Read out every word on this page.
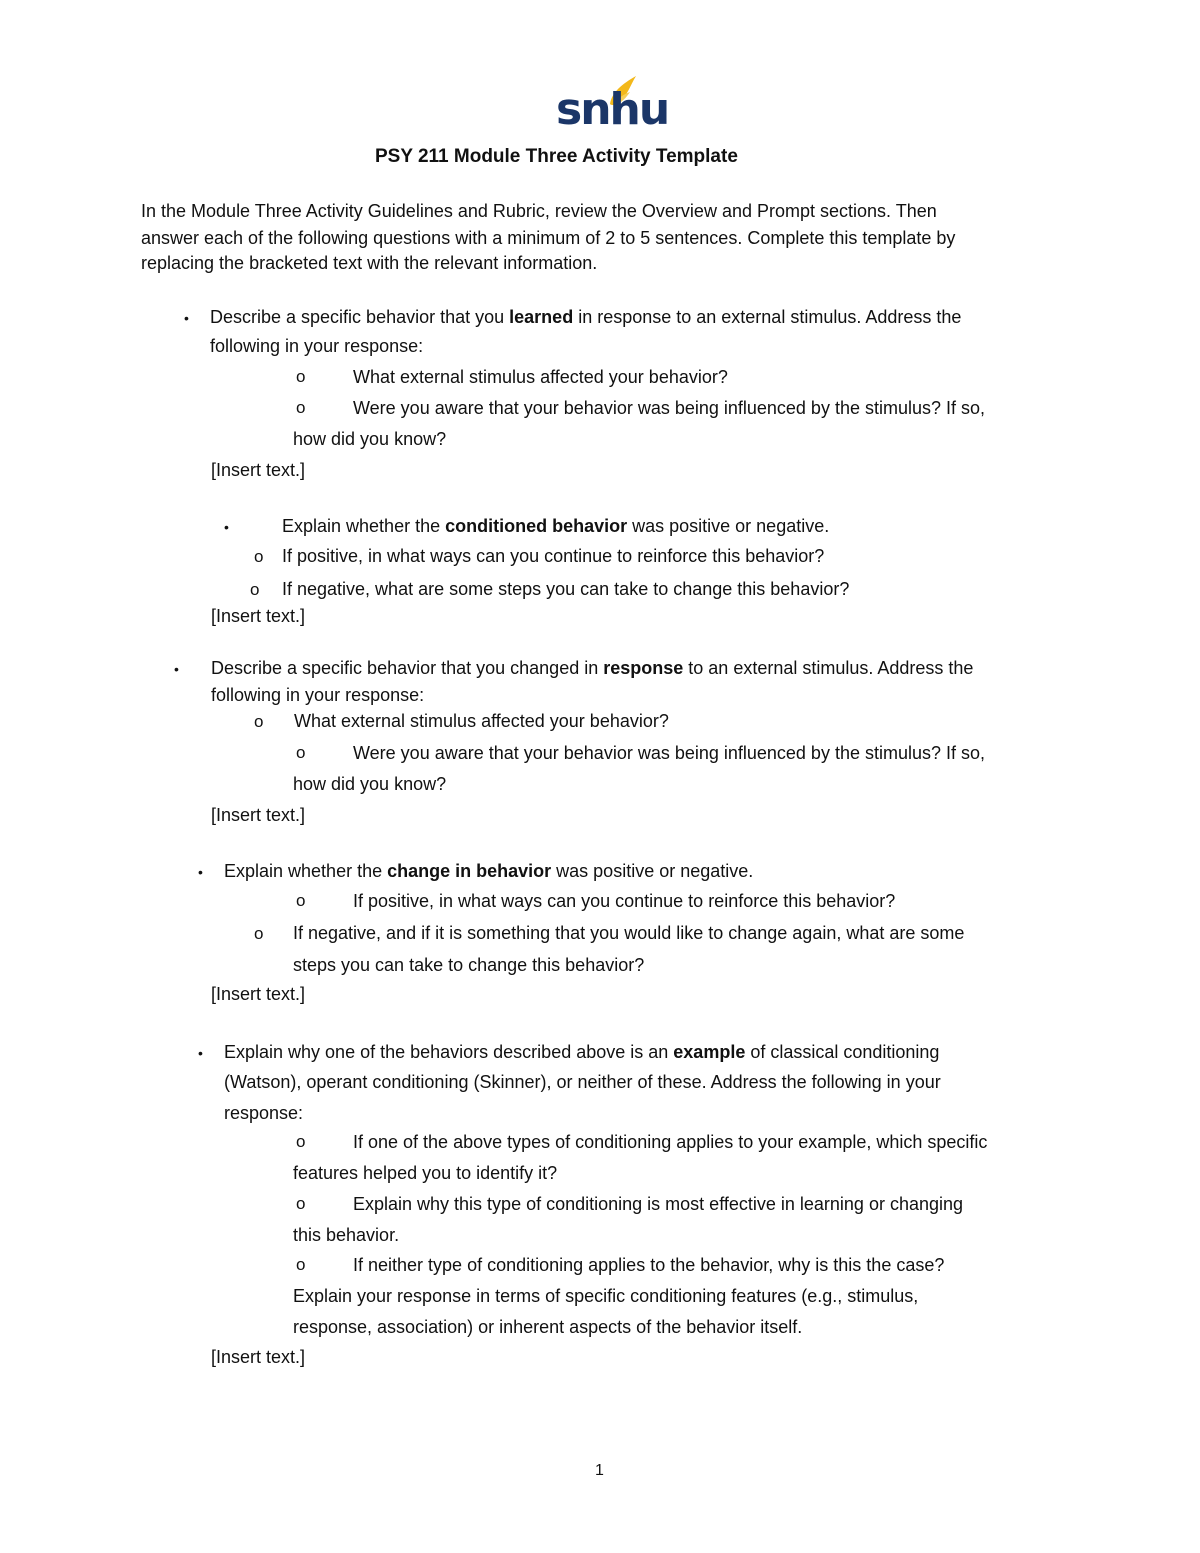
snhu
PSY 211 Module Three Activity Template
In the Module Three Activity Guidelines and Rubric, review the Overview and Prompt sections. Then
answer each of the following questions with a minimum of 2 to 5 sentences. Complete this template by
replacing the bracketed text with the relevant information.
• Describe a specific behavior that you learned in response to an external stimulus. Address the
following in your response:
o	What external stimulus affected your behavior?
o	Were you aware that your behavior was being influenced by the stimulus? If so,
how did you know?
[Insert text.]
•	Explain whether the conditioned behavior was positive or negative.
o If positive, in what ways can you continue to reinforce this behavior?
o If negative, what are some steps you can take to change this behavior?
[Insert text.]
• Describe a specific behavior that you changed in response to an external stimulus. Address the
following in your response:
o What external stimulus affected your behavior?
o	Were you aware that your behavior was being influenced by the stimulus? If so,
how did you know?
[Insert text.]
• Explain whether the change in behavior was positive or negative.
o	If positive, in what ways can you continue to reinforce this behavior?
o If negative, and if it is something that you would like to change again, what are some
steps you can take to change this behavior?
[Insert text.]
• Explain why one of the behaviors described above is an example of classical conditioning
(Watson), operant conditioning (Skinner), or neither of these. Address the following in your
response:
o	If one of the above types of conditioning applies to your example, which specific
features helped you to identify it?
o	Explain why this type of conditioning is most effective in learning or changing
this behavior.
o	If neither type of conditioning applies to the behavior, why is this the case?
Explain your response in terms of specific conditioning features (e.g., stimulus,
response, association) or inherent aspects of the behavior itself.
[Insert text.]
1
